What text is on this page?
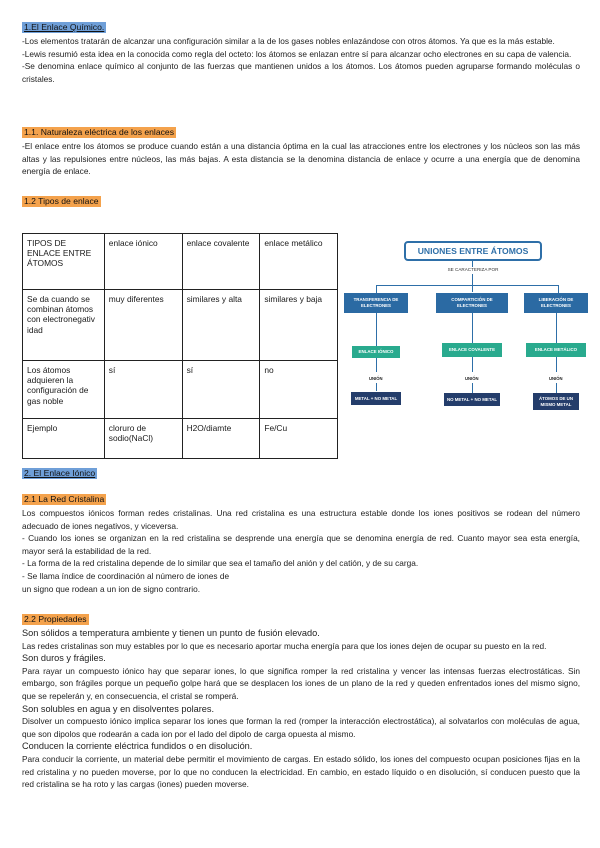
1.El Enlace Químico.

-Los elementos tratarán de alcanzar una configuración similar a la de los gases nobles enlazándose con otros átomos. Ya que es la más estable.

-Lewis resumió esta idea en la conocida como regla del octeto: los átomos se enlazan entre sí para alcanzar ocho electrones en su capa de valencia.

-Se denomina enlace químico al conjunto de las fuerzas que mantienen unidos a los átomos. Los átomos pueden agruparse formando moléculas o cristales.

1.1. Naturaleza eléctrica de los enlaces

-El enlace entre los átomos se produce cuando están a una distancia óptima en la cual las atracciones entre los electrones y los núcleos son las más altas y las repulsiones entre núcleos, las más bajas. A esta distancia se la denomina distancia de enlace y ocurre a una energía que de denomina energía de enlace.

1.2 Tipos de enlace
TIPOS DE ENLACE ENTRE ÁTOMOS	enlace iónico	enlace covalente	enlace metálico
Se da cuando se combinan átomos con electronegativ idad	muy diferentes	similares y alta	similares y baja
Los átomos adquieren la configuración de gas noble	sí	sí	no
Ejemplo	cloruro de sodio(NaCl)	H2O/diamte	Fe/Cu
UNIONES ENTRE ÁTOMOS
SE CARACTERIZA POR
TRANSFERENCIA DE ELECTRONES
ENLACE IÓNICO
UNIÓN
METAL + NO METAL
COMPARTICIÓN DE ELECTRONES
ENLACE COVALENTE
UNIÓN
NO METAL + NO METAL
LIBERACIÓN DE ELECTRONES
ENLACE METÁLICO
UNIÓN
ÁTOMOS DE UN MISMO METAL
2. El Enlace Iónico
2.1 La Red Cristalina

Los compuestos iónicos forman redes cristalinas. Una red cristalina es una estructura estable donde los iones positivos se rodean del número adecuado de iones negativos, y viceversa.

- Cuando los iones se organizan en la red cristalina se desprende una energía que se denomina energía de red. Cuanto mayor sea esta energía, mayor será la estabilidad de la red.

- La forma de la red cristalina depende de lo similar que sea el tamaño del anión y del catión, y de su carga.

- Se llama índice de coordinación al número de iones de

un signo que rodean a un ion de signo contrario.

2.2 Propiedades

Son sólidos a temperatura ambiente y tienen un punto de fusión elevado.

Las redes cristalinas son muy estables por lo que es necesario aportar mucha energía para que los iones dejen de ocupar su puesto en la red.

Son duros y frágiles.

Para rayar un compuesto iónico hay que separar iones, lo que significa romper la red cristalina y vencer las intensas fuerzas electrostáticas. Sin embargo, son frágiles porque un pequeño golpe hará que se desplacen los iones de un plano de la red y queden enfrentados iones del mismo signo, que se repelerán y, en consecuencia, el cristal se romperá.

Son solubles en agua y en disolventes polares.

Disolver un compuesto iónico implica separar los iones que forman la red (romper la interacción electrostática), al solvatarlos con moléculas de agua, que son dipolos que rodearán a cada ion por el lado del dipolo de carga opuesta al mismo.

Conducen la corriente eléctrica fundidos o en disolución.

Para conducir la corriente, un material debe permitir el movimiento de cargas. En estado sólido, los iones del compuesto ocupan posiciones fijas en la red cristalina y no pueden moverse, por lo que no conducen la electricidad. En cambio, en estado líquido o en disolución, sí conducen puesto que la red cristalina se ha roto y las cargas (iones) pueden moverse.
